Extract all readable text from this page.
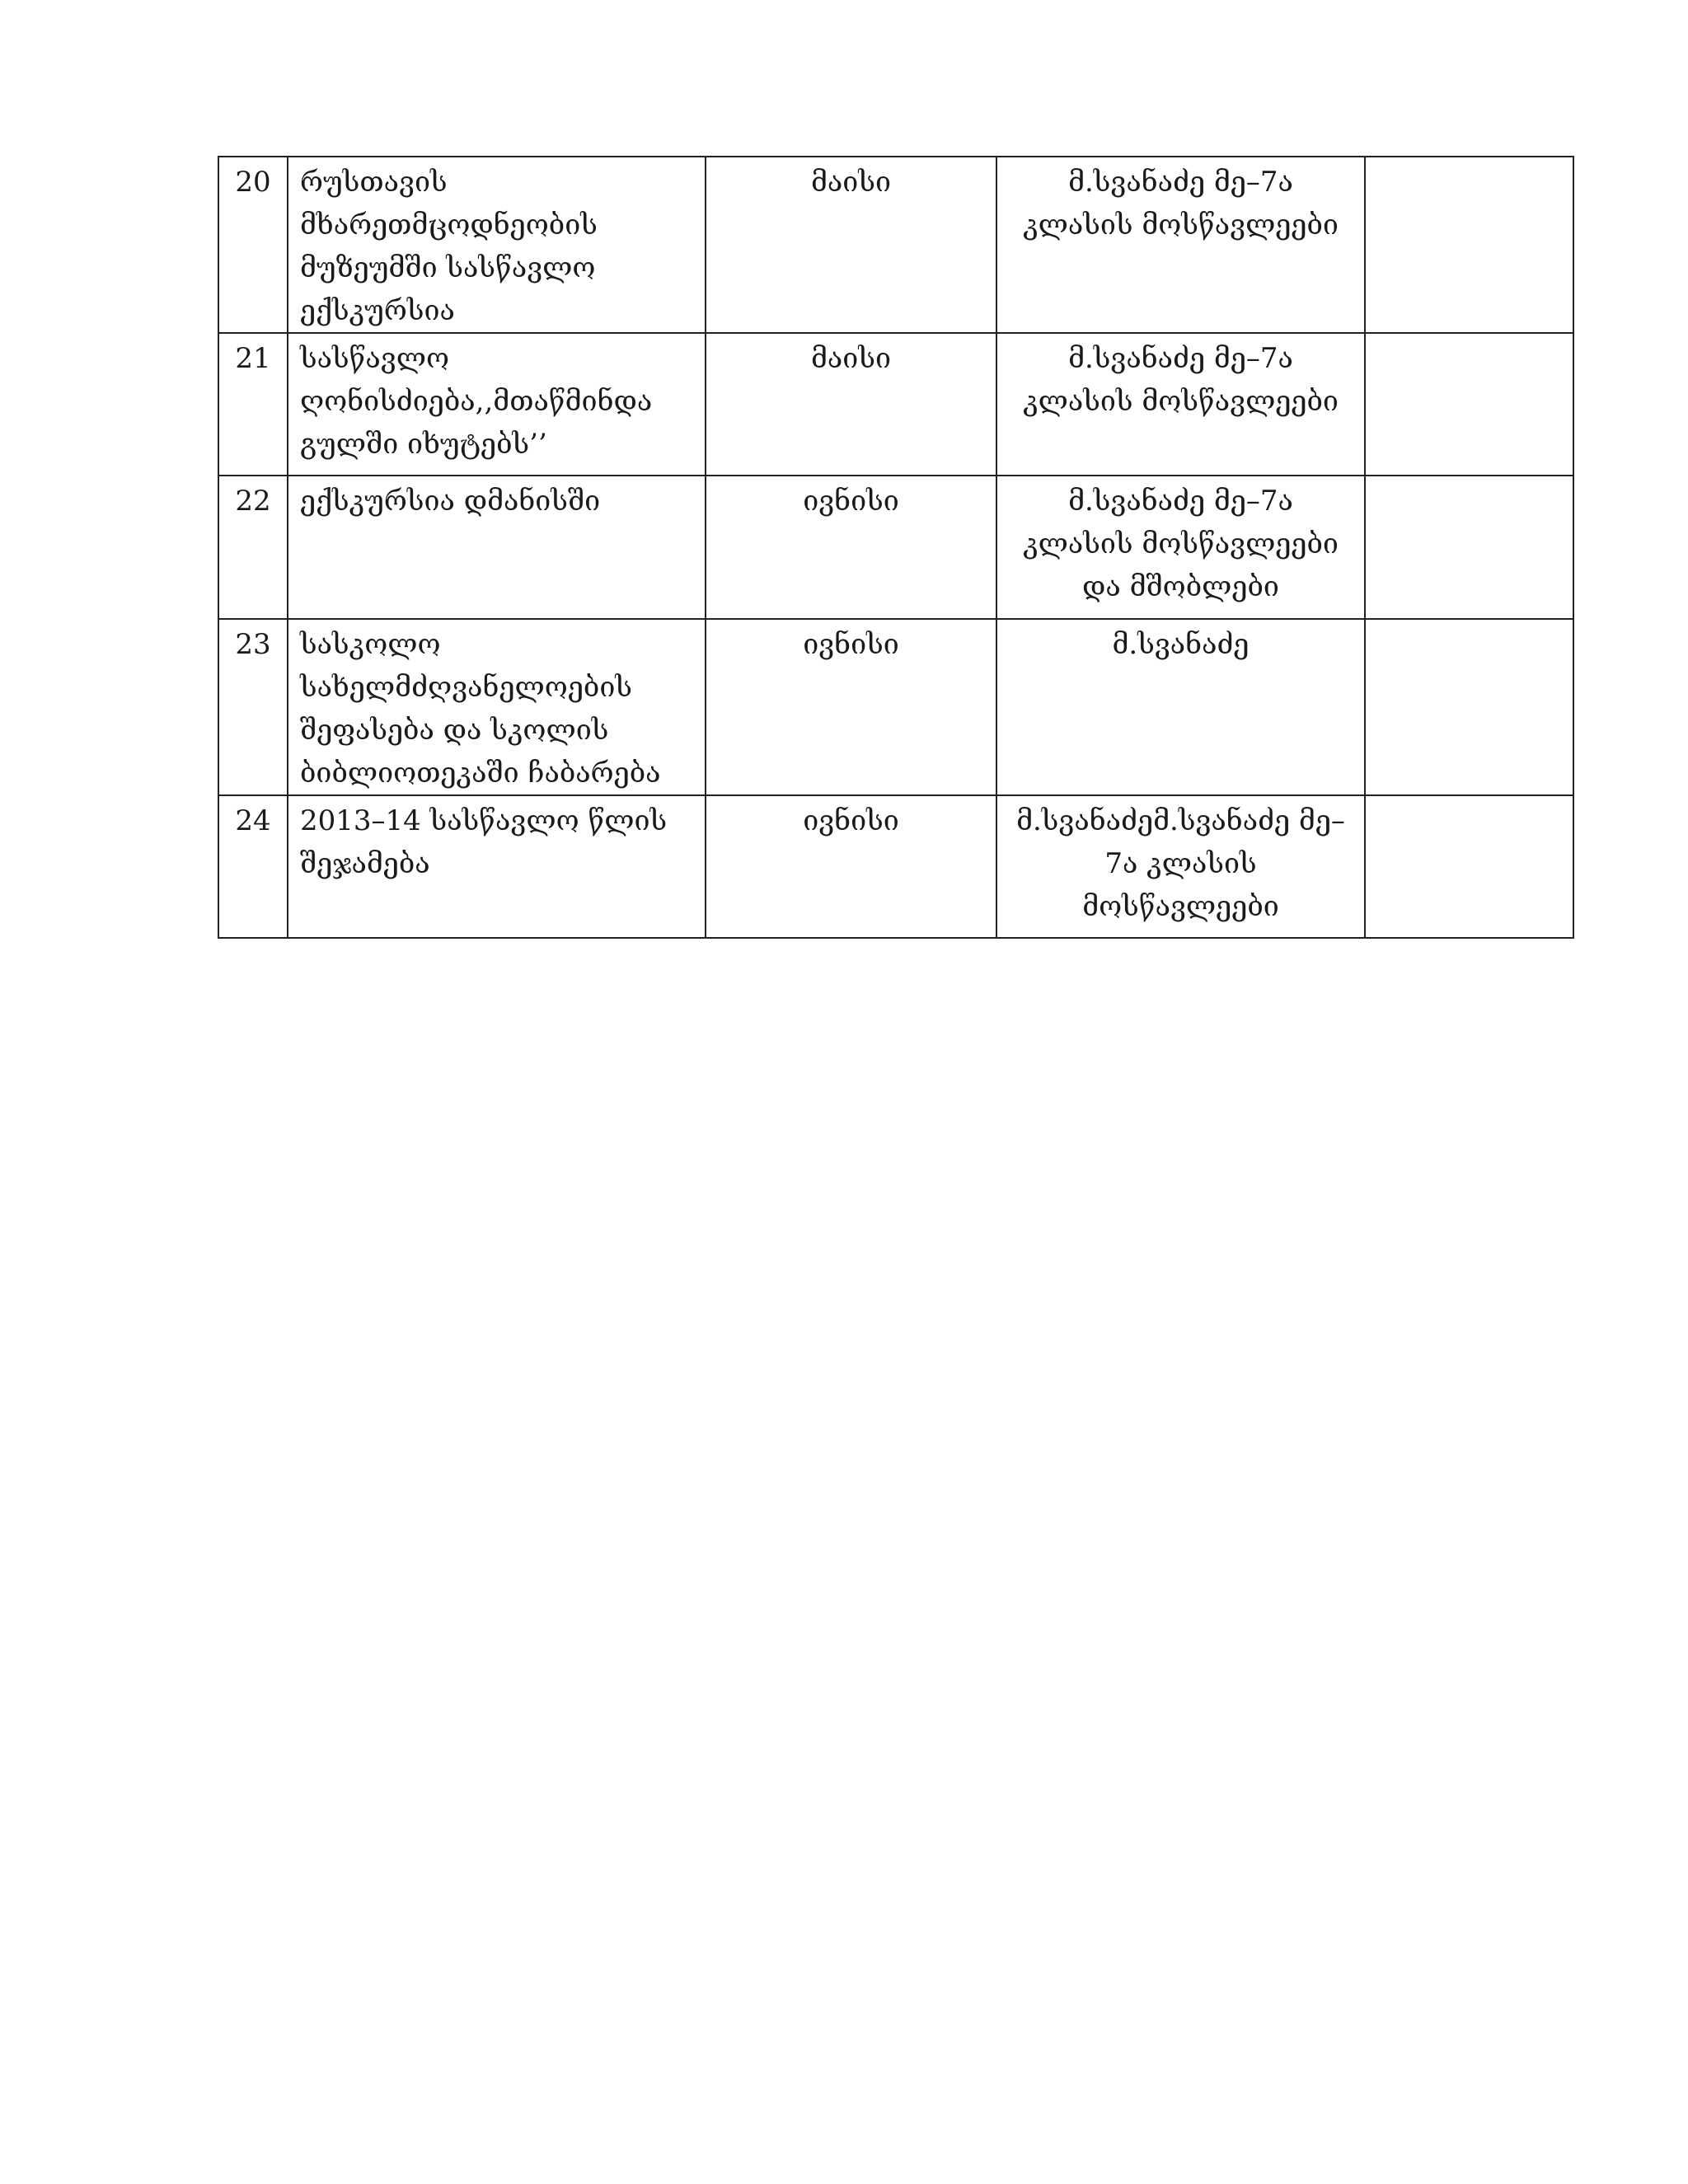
20	რუსთავის
მხარეთმცოდნეობის
მუზეუმში სასწავლო
ექსკურსია	მაისი	მ.სვანაძე მე–7ა
კლასის მოსწავლეები	

21	სასწავლო
ღონისძიება,,მთაწმინდა
გულში იხუტებს’’	მაისი	მ.სვანაძე მე–7ა
კლასის მოსწავლეები	

22	ექსკურსია დმანისში	ივნისი	მ.სვანაძე მე–7ა
კლასის მოსწავლეები
და მშობლები	

23	სასკოლო
სახელმძღვანელოების
შეფასება და სკოლის
ბიბლიოთეკაში ჩაბარება	ივნისი	მ.სვანაძე	

24	2013–14 სასწავლო წლის
შეჯამება	ივნისი	მ.სვანაძემ.სვანაძე მე–
7ა კლასის
მოსწავლეები	
